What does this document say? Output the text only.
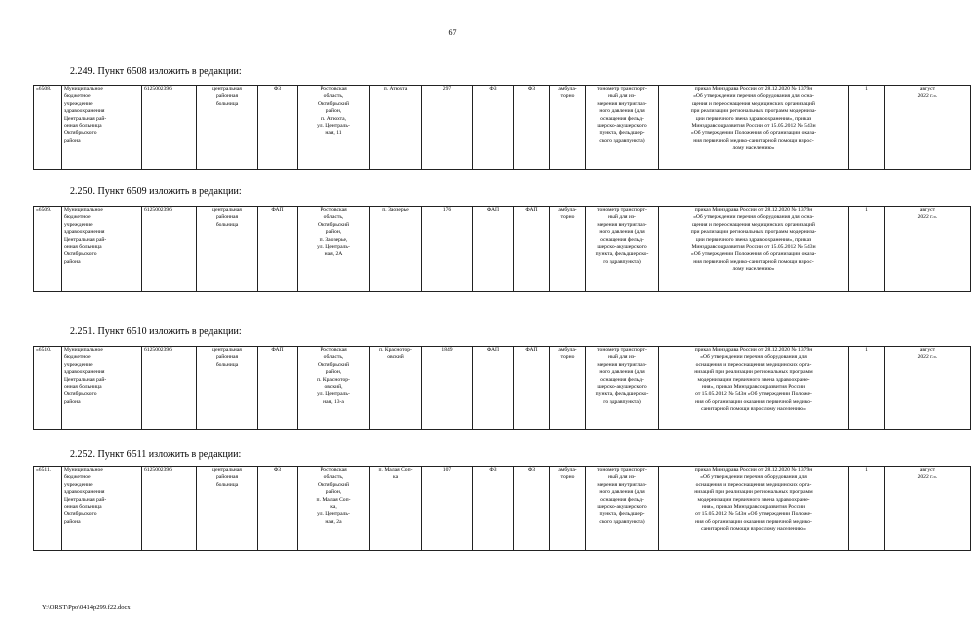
67
2.249. Пункт 6508 изложить в редакции:
«6508.	Муниципальное
бюджетное
учреждение
здравоохранения
Центральная рай-
онная больница
Октябрьского
района	6125002396	центральная
районная
больница	ФЗ	Ростовская
область,
Октябрьский
район,
п. Атюхта,
ул. Централь-
ная, 11	п. Атюхта	297	ФЗ	ФЗ	амбула-
торно	тонометр транспорт-
ный для из-
мерения внутриглаз-
ного давления (для
оснащения фельд-
шерско-акушерского
пункта, фельдшер-
ского здравпункта)	приказ Минздрава России от 28.12.2020 № 1379н
«Об утверждении перечня оборудования для осна-
щения и переоснащения медицинских организаций
при реализации региональных программ модерниза-
ции первичного звена здравоохранения», приказ
Минздравсоцразвития России от 15.05.2012 № 543н
«Об утверждении Положения об организации оказа-
ния первичной медико-санитарной помощи взрос-
лому населению»	1	август
2022 г.».
2.250. Пункт 6509 изложить в редакции:
«6509.	Муниципальное
бюджетное
учреждение
здравоохранения
Центральная рай-
онная больница
Октябрьского
района	6125002396	центральная
районная
больница	ФАП	Ростовская
область,
Октябрьский
район,
п. Заозерье,
ул. Централь-
ная, 2А	п. Заозерье	176	ФАП	ФАП	амбула-
торно	тонометр транспорт-
ный для из-
мерения внутриглаз-
ного давления (для
оснащения фельд-
шерско-акушерского
пункта, фельдшерско-
го здравпункта)	приказ Минздрава России от 28.12.2020 № 1379н
«Об утверждении перечня оборудования для осна-
щения и переоснащения медицинских организаций
при реализации региональных программ модерниза-
ции первичного звена здравоохранения», приказ
Минздравсоцразвития России от 15.05.2012 № 543н
«Об утверждении Положения об организации оказа-
ния первичной медико-санитарной помощи взрос-
лому населению»	1	август
2022 г.».
2.251. Пункт 6510 изложить в редакции:
«6510.	Муниципальное
бюджетное
учреждение
здравоохранения
Центральная рай-
онная больница
Октябрьского
района	6125002396	центральная
районная
больница	ФАП	Ростовская
область,
Октябрьский
район,
п. Краснотор-
овский,
ул. Централь-
ная, 13-а	п. Краснотор-
овский	1849	ФАП	ФАП	амбула-
торно	тонометр транспорт-
ный для из-
мерения внутриглаз-
ного давления (для
оснащения фельд-
шерско-акушерского
пункта, фельдшерско-
го здравпункта)	приказ Минздрава России от 28.12.2020 № 1379н
«Об утверждении перечня оборудования для
оснащения и переоснащения медицинских орга-
низаций при реализации региональных программ
модернизации первичного звена здравоохране-
ния», приказ Минздравсоцразвития России
от 15.05.2012 № 543н «Об утверждении Положе-
ния об организации оказания первичной медико-
санитарной помощи взрослому населению»	1	август
2022 г.».
2.252. Пункт 6511 изложить в редакции:
«6511.	Муниципальное
бюджетное
учреждение
здравоохранения
Центральная рай-
онная больница
Октябрьского
района	6125002396	центральная
районная
больница	ФЗ	Ростовская
область,
Октябрьский
район,
п. Малая Соп-
ка,
ул. Централь-
ная, 2а	п. Малая Соп-
ка	107	ФЗ	ФЗ	амбула-
торно	тонометр транспорт-
ный для из-
мерения внутриглаз-
ного давления (для
оснащения фельд-
шерско-акушерского
пункта, фельдшер-
ского здравпункта)	приказ Минздрава России от 28.12.2020 № 1379н
«Об утверждении перечня оборудования для
оснащения и переоснащения медицинских орга-
низаций при реализации региональных программ
модернизации первичного звена здравоохране-
ния», приказ Минздравсоцразвития России
от 15.05.2012 № 543н «Об утверждении Положе-
ния об организации оказания первичной медико-
санитарной помощи взрослому населению»	1	август
2022 г.».
Y:\ORST\Ppo\0414p299.f22.docx
